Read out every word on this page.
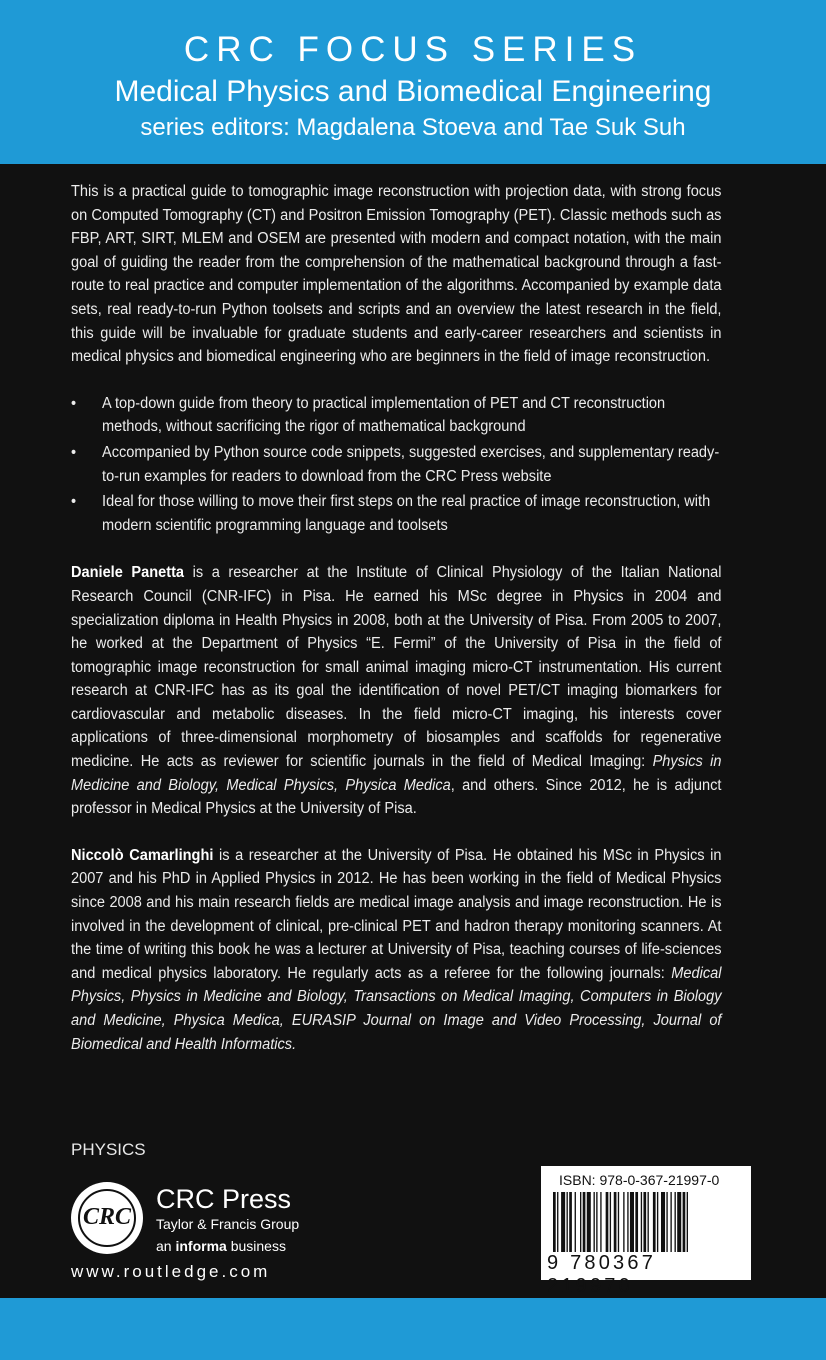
CRC FOCUS SERIES
Medical Physics and Biomedical Engineering
series editors: Magdalena Stoeva and Tae Suk Suh

This is a practical guide to tomographic image reconstruction with projection data, with strong focus on Computed Tomography (CT) and Positron Emission Tomography (PET). Classic methods such as FBP, ART, SIRT, MLEM and OSEM are presented with modern and compact notation, with the main goal of guiding the reader from the comprehension of the mathematical background through a fast-route to real practice and computer implementation of the algorithms. Accompanied by example data sets, real ready-to-run Python toolsets and scripts and an overview the latest research in the field, this guide will be invaluable for graduate students and early-career researchers and scientists in medical physics and biomedical engineering who are beginners in the field of image reconstruction.

• A top-down guide from theory to practical implementation of PET and CT reconstruction methods, without sacrificing the rigor of mathematical background
• Accompanied by Python source code snippets, suggested exercises, and supplementary ready-to-run examples for readers to download from the CRC Press website
• Ideal for those willing to move their first steps on the real practice of image reconstruction, with modern scientific programming language and toolsets

Daniele Panetta is a researcher at the Institute of Clinical Physiology of the Italian National Research Council (CNR-IFC) in Pisa. He earned his MSc degree in Physics in 2004 and specialization diploma in Health Physics in 2008, both at the University of Pisa. From 2005 to 2007, he worked at the Department of Physics “E. Fermi” of the University of Pisa in the field of tomographic image reconstruction for small animal imaging micro-CT instrumentation. His current research at CNR-IFC has as its goal the identification of novel PET/CT imaging biomarkers for cardiovascular and metabolic diseases. In the field micro-CT imaging, his interests cover applications of three-dimensional morphometry of biosamples and scaffolds for regenerative medicine. He acts as reviewer for scientific journals in the field of Medical Imaging: Physics in Medicine and Biology, Medical Physics, Physica Medica, and others. Since 2012, he is adjunct professor in Medical Physics at the University of Pisa.

Niccolò Camarlinghi is a researcher at the University of Pisa. He obtained his MSc in Physics in 2007 and his PhD in Applied Physics in 2012. He has been working in the field of Medical Physics since 2008 and his main research fields are medical image analysis and image reconstruction. He is involved in the development of clinical, pre-clinical PET and hadron therapy monitoring scanners. At the time of writing this book he was a lecturer at University of Pisa, teaching courses of life-sciences and medical physics laboratory. He regularly acts as a referee for the following journals: Medical Physics, Physics in Medicine and Biology, Transactions on Medical Imaging, Computers in Biology and Medicine, Physica Medica, EURASIP Journal on Image and Video Processing, Journal of Biomedical and Health Informatics.

PHYSICS
CRC
CRC Press
Taylor & Francis Group
an informa business
www.routledge.com
ISBN: 978-0-367-21997-0
9 780367 219970
